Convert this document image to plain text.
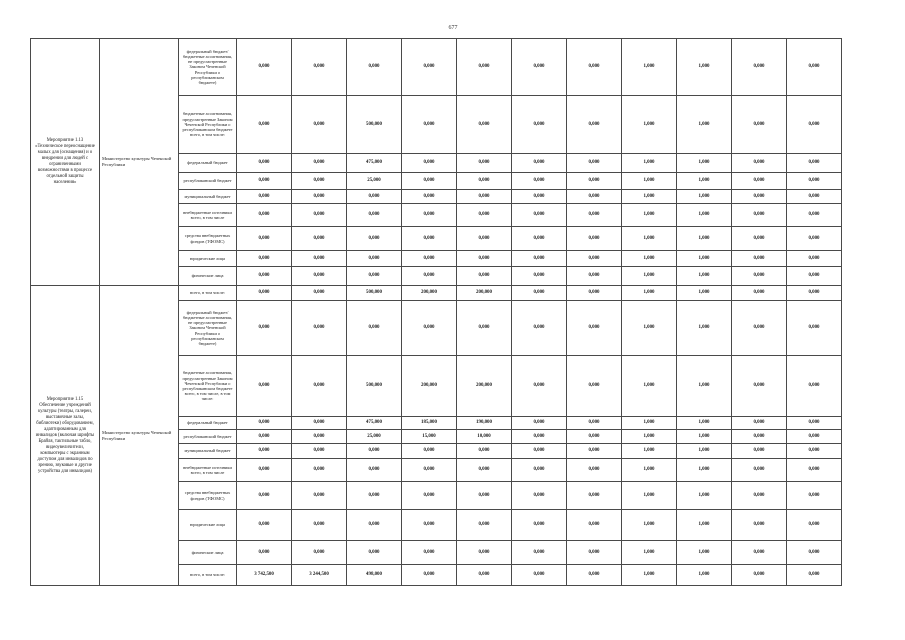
677
Мероприятие 1.13 «Техническое переоснащение малых для (оснащения) и о внедрении для людей с ограниченными возможностями в процессе отдельной защиты населения»	Министерство культуры Чеченской Республики	федеральный бюджет/бюджетные ассигнования, не предусмотренные Законом Чеченской Республики о республиканском бюджете)	0,000	0,000	0,000	0,000	0,000	0,000	0,000	1,000	1,000	0,000	0,000
		бюджетные ассигнования, предусмотренные Законом Чеченской Республики о республиканском бюджете всего, в том числе:	0,000	0,000	500,000	0,000	0,000	0,000	0,000	1,000	1,000	0,000	0,000
		федеральный бюджет	0,000	0,000	475,000	0,000	0,000	0,000	0,000	1,000	1,000	0,000	0,000
		республиканский бюджет	0,000	0,000	25,000	0,000	0,000	0,000	0,000	1,000	1,000	0,000	0,000
		муниципальный бюджет	0,000	0,000	0,000	0,000	0,000	0,000	0,000	1,000	1,000	0,000	0,000
		внебюджетные источники всего, в том числе	0,000	0,000	0,000	0,000	0,000	0,000	0,000	1,000	1,000	0,000	0,000
		средства внебюджетных фондов (ТФОМС)	0,000	0,000	0,000	0,000	0,000	0,000	0,000	1,000	1,000	0,000	0,000
		юридические лица	0,000	0,000	0,000	0,000	0,000	0,000	0,000	1,000	1,000	0,000	0,000
		физические лица	0,000	0,000	0,000	0,000	0,000	0,000	0,000	1,000	1,000	0,000	0,000
Мероприятие 1.15 Обеспечение учреждений культуры (театры, галереи, выставочные залы, библиотеки) оборудованием, адаптированным для инвалидов (включая шрифты Брайля, тактильные табло, видеоувеличители, компьютеры с экранным доступом для инвалидов по зрению, звуковые и другие устройства для инвалидов)	Министерство культуры Чеченской Республики	всего, в том числе:	0,000	0,000	500,000	200,000	200,000	0,000	0,000	1,000	1,000	0,000	0,000
		федеральный бюджет/бюджетные ассигнования, не предусмотренные Законом Чеченской Республики о республиканском бюджете)	0,000	0,000	0,000	0,000	0,000	0,000	0,000	1,000	1,000	0,000	0,000
		бюджетные ассигнования, предусмотренные Законом Чеченской Республики о республиканском бюджете всего, в том числе, в том числе:	0,000	0,000	500,000	200,000	200,000	0,000	0,000	1,000	1,000	0,000	0,000
		федеральный бюджет	0,000	0,000	475,000	185,000	190,000	0,000	0,000	1,000	1,000	0,000	0,000
		республиканский бюджет	0,000	0,000	25,000	15,000	10,000	0,000	0,000	1,000	1,000	0,000	0,000
		муниципальный бюджет	0,000	0,000	0,000	0,000	0,000	0,000	0,000	1,000	1,000	0,000	0,000
		внебюджетные источники всего, в том числе	0,000	0,000	0,000	0,000	0,000	0,000	0,000	1,000	1,000	0,000	0,000
		средства внебюджетных фондов (ТФОМС)	0,000	0,000	0,000	0,000	0,000	0,000	0,000	1,000	1,000	0,000	0,000
		юридические лица	0,000	0,000	0,000	0,000	0,000	0,000	0,000	1,000	1,000	0,000	0,000
		физические лица	0,000	0,000	0,000	0,000	0,000	0,000	0,000	1,000	1,000	0,000	0,000
		всего, в том числе:	3 742,500	3 244,500	498,000	0,000	0,000	0,000	0,000	1,000	1,000	0,000	0,000
